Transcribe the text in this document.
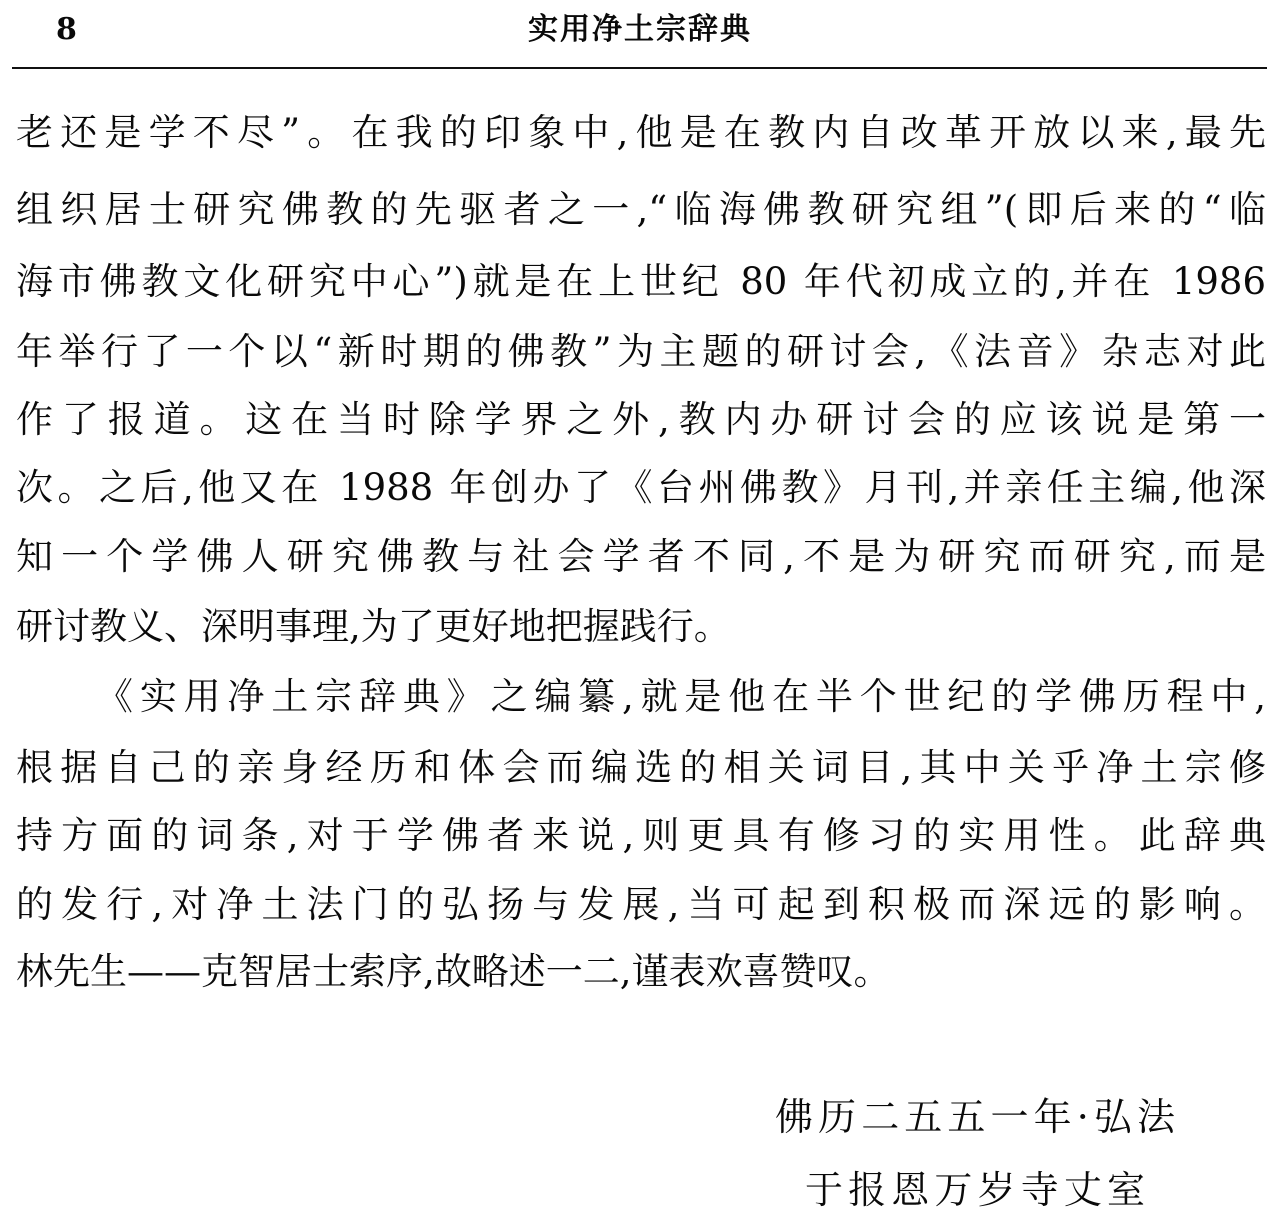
8	实用净土宗辞典
老还是学不尽”。在我的印象中,他是在教内自改革开放以来,最先
组织居士研究佛教的先驱者之一,“临海佛教研究组”(即后来的“临
海市佛教文化研究中心”)就是在上世纪 80 年代初成立的,并在 1986
年举行了一个以“新时期的佛教”为主题的研讨会,《法音》杂志对此
作了报道。这在当时除学界之外,教内办研讨会的应该说是第一
次。之后,他又在 1988 年创办了《台州佛教》月刊,并亲任主编,他深
知一个学佛人研究佛教与社会学者不同,不是为研究而研究,而是
研讨教义、深明事理,为了更好地把握践行。
《实用净土宗辞典》之编纂,就是他在半个世纪的学佛历程中,
根据自己的亲身经历和体会而编选的相关词目,其中关乎净土宗修
持方面的词条,对于学佛者来说,则更具有修习的实用性。此辞典
的发行,对净土法门的弘扬与发展,当可起到积极而深远的影响。
林先生——克智居士索序,故略述一二,谨表欢喜赞叹。
佛历二五五一年·弘法
于报恩万岁寺丈室
